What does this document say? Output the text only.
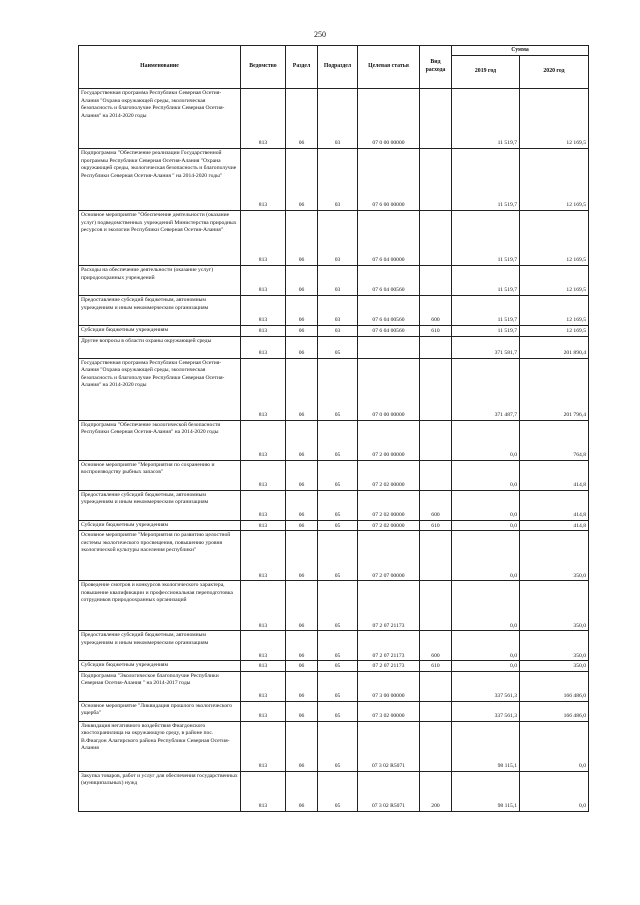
250
Наименование	Ведомство	Раздел	Подраздел	Целевая статья	Вид расхода	Сумма	
						2019 год	2020 год
Государственная программа Республики Северная Осетия-Алания "Охрана окружающей среды, экологическая безопасность и благополучие Республики Северная Осетия-Алания" на 2014-2020 годы	813	06	03	07 0 00 00000		11 519,7	12 169,5
Подпрограмма "Обеспечение реализации Государственной программы Республики Северная Осетия-Алания "Охрана окружающей среды, экологическая безопасность и благополучие Республики Северная Осетия-Алания " на 2014-2020 годы"	813	06	03	07 6 00 00000		11 519,7	12 169,5
Основное мероприятие "Обеспечение деятельности (оказание услуг) подведомственных учреждений Министерства природных ресурсов и экологии Республики Северная Осетия-Алания"	813	06	03	07 6 04 00000		11 519,7	12 169,5
Расходы на обеспечение деятельности (оказание услуг) природоохранных учреждений	813	06	03	07 6 04 00560		11 519,7	12 169,5
Предоставление субсидий бюджетным, автономным учреждениям и иным некоммерческим организациям	813	06	03	07 6 04 00560	600	11 519,7	12 169,5
Субсидии бюджетным учреждениям	813	06	03	07 6 04 00560	610	11 519,7	12 169,5
Другие вопросы в области охраны окружающей среды	813	06	05			371 581,7	201 890,4
Государственная программа Республики Северная Осетия-Алания "Охрана окружающей среды, экологическая безопасность и благополучие Республики Северная Осетия-Алания" на 2014-2020 годы	813	06	05	07 0 00 00000		371 487,7	201 796,4
Подпрограмма "Обеспечение экологической безопасности Республики Северная Осетия-Алания" на 2014-2020 годы	813	06	05	07 2 00 00000		0,0	764,8
Основное мероприятие "Мероприятия по сохранению и воспроизводству рыбных запасов"	813	06	05	07 2 02 00000		0,0	414,8
Предоставление субсидий бюджетным, автономным учреждениям и иным некоммерческим организациям	813	06	05	07 2 02 00000	600	0,0	414,8
Субсидии бюджетным учреждениям	813	06	05	07 2 02 00000	610	0,0	414,8
Основное мероприятие "Мероприятия по развитию целостной системы экологического просвещения, повышению уровня экологической культуры населения республики"	813	06	05	07 2 07 00000		0,0	350,0
Проведение смотров и конкурсов экологического характера, повышение квалификации и профессиональная переподготовка сотрудников природоохранных организаций	813	06	05	07 2 07 21173		0,0	350,0
Предоставление субсидий бюджетным, автономным учреждениям и иным некоммерческим организациям	813	06	05	07 2 07 21173	600	0,0	350,0
Субсидии бюджетным учреждениям	813	06	05	07 2 07 21173	610	0,0	350,0
Подпрограмма "Экологическое благополучие Республики Северная Осетия-Алания " на 2014-2017 годы	813	06	05	07 3 00 00000		337 561,3	166 486,0
Основное мероприятие "Ликвидация прошлого экологического ущерба"	813	06	05	07 3 02 00000		337 561,3	166 486,0
Ликвидация негативного воздействия Фиагдонского хвостохранилища на окружающую среду, в районе пос. В.Фиагдон Алагирского района Республики Северная Осетия-Алания	813	06	05	07 3 02 R5071		98 115,1	0,0
Закупка товаров, работ и услуг для обеспечения государственных (муниципальных) нужд	813	06	05	07 3 02 R5071	200	98 115,1	0,0
